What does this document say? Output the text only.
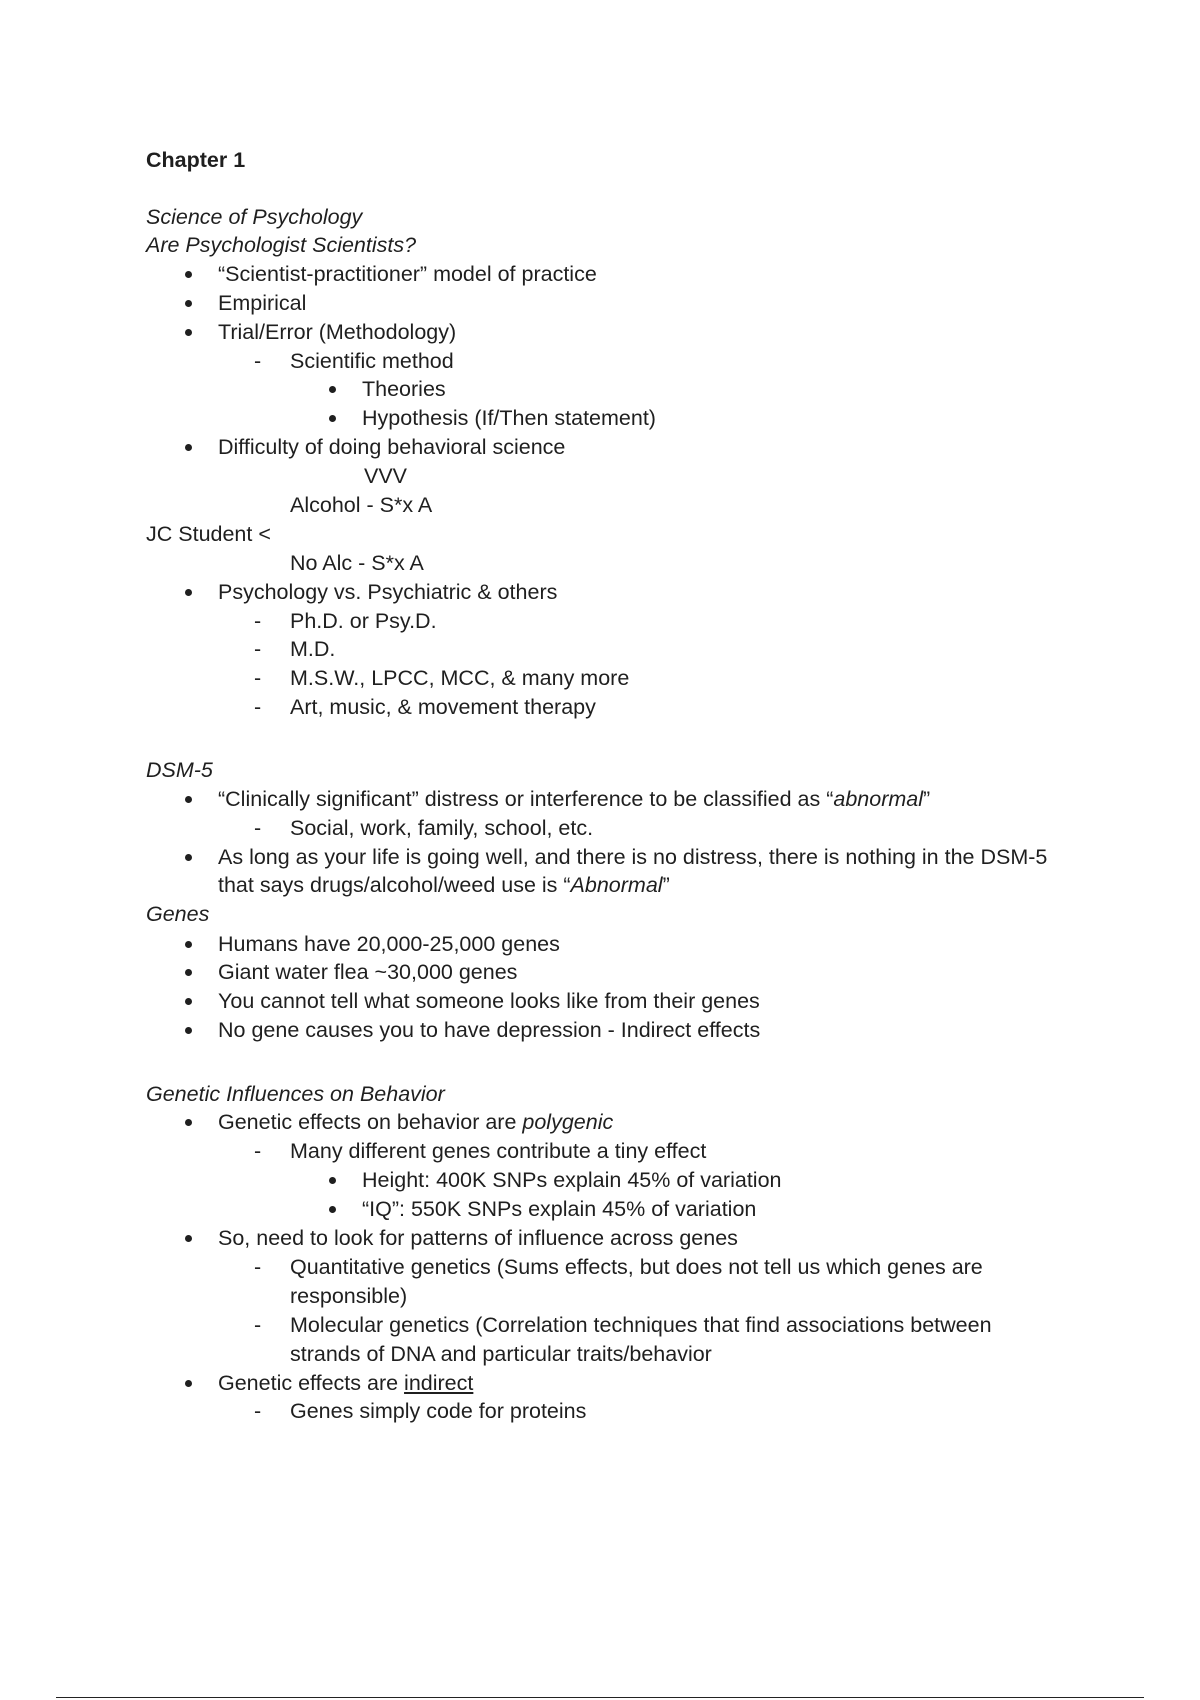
Chapter 1
Science of Psychology
Are Psychologist Scientists?
“Scientist-practitioner” model of practice
Empirical
Trial/Error (Methodology)
- Scientific method
Theories
Hypothesis (If/Then statement)
Difficulty of doing behavioral science
VVV
Alcohol - S*x A
JC Student <
No Alc - S*x A
Psychology vs. Psychiatric & others
- Ph.D. or Psy.D.
- M.D.
- M.S.W., LPCC, MCC, & many more
- Art, music, & movement therapy
DSM-5
“Clinically significant” distress or interference to be classified as “abnormal”
- Social, work, family, school, etc.
As long as your life is going well, and there is no distress, there is nothing in the DSM-5
that says drugs/alcohol/weed use is “Abnormal”
Genes
Humans have 20,000-25,000 genes
Giant water flea ~30,000 genes
You cannot tell what someone looks like from their genes
No gene causes you to have depression - Indirect effects
Genetic Influences on Behavior
Genetic effects on behavior are polygenic
- Many different genes contribute a tiny effect
Height: 400K SNPs explain 45% of variation
“IQ”: 550K SNPs explain 45% of variation
So, need to look for patterns of influence across genes
- Quantitative genetics (Sums effects, but does not tell us which genes are
responsible)
- Molecular genetics (Correlation techniques that find associations between
strands of DNA and particular traits/behavior
Genetic effects are indirect
- Genes simply code for proteins
